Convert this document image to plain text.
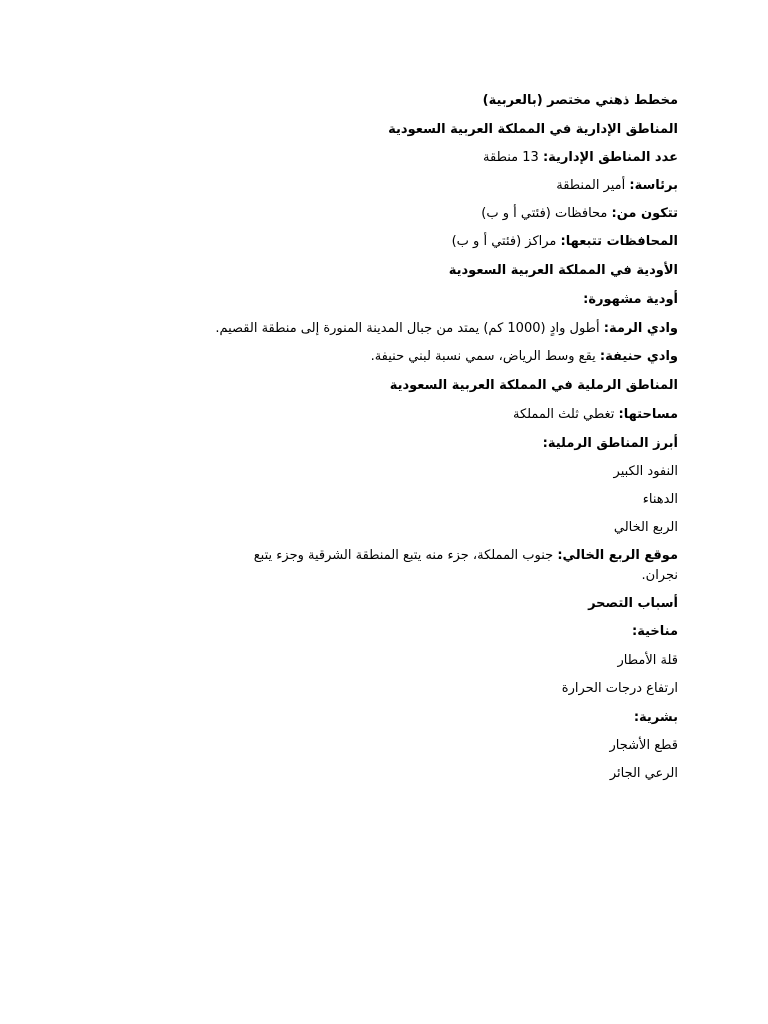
مخطط ذهني مختصر (بالعربية)
المناطق الإدارية في المملكة العربية السعودية
عدد المناطق الإدارية: 13 منطقة
برئاسة: أمير المنطقة
تتكون من: محافظات (فئتي أ و ب)
المحافظات تتبعها: مراكز (فئتي أ و ب)
الأودية في المملكة العربية السعودية
أودية مشهورة:
وادي الرمة: أطول وادٍ (1000 كم) يمتد من جبال المدينة المنورة إلى منطقة القصيم.
وادي حنيفة: يقع وسط الرياض، سمي نسبة لبني حنيفة.
المناطق الرملية في المملكة العربية السعودية
مساحتها: تغطي ثلث المملكة
أبرز المناطق الرملية:
النفود الكبير
الدهناء
الربع الخالي
موقع الربع الخالي: جنوب المملكة، جزء منه يتبع المنطقة الشرقية وجزء يتبع نجران.
أسباب التصحر
مناخية:
قلة الأمطار
ارتفاع درجات الحرارة
بشرية:
قطع الأشجار
الرعي الجائر
